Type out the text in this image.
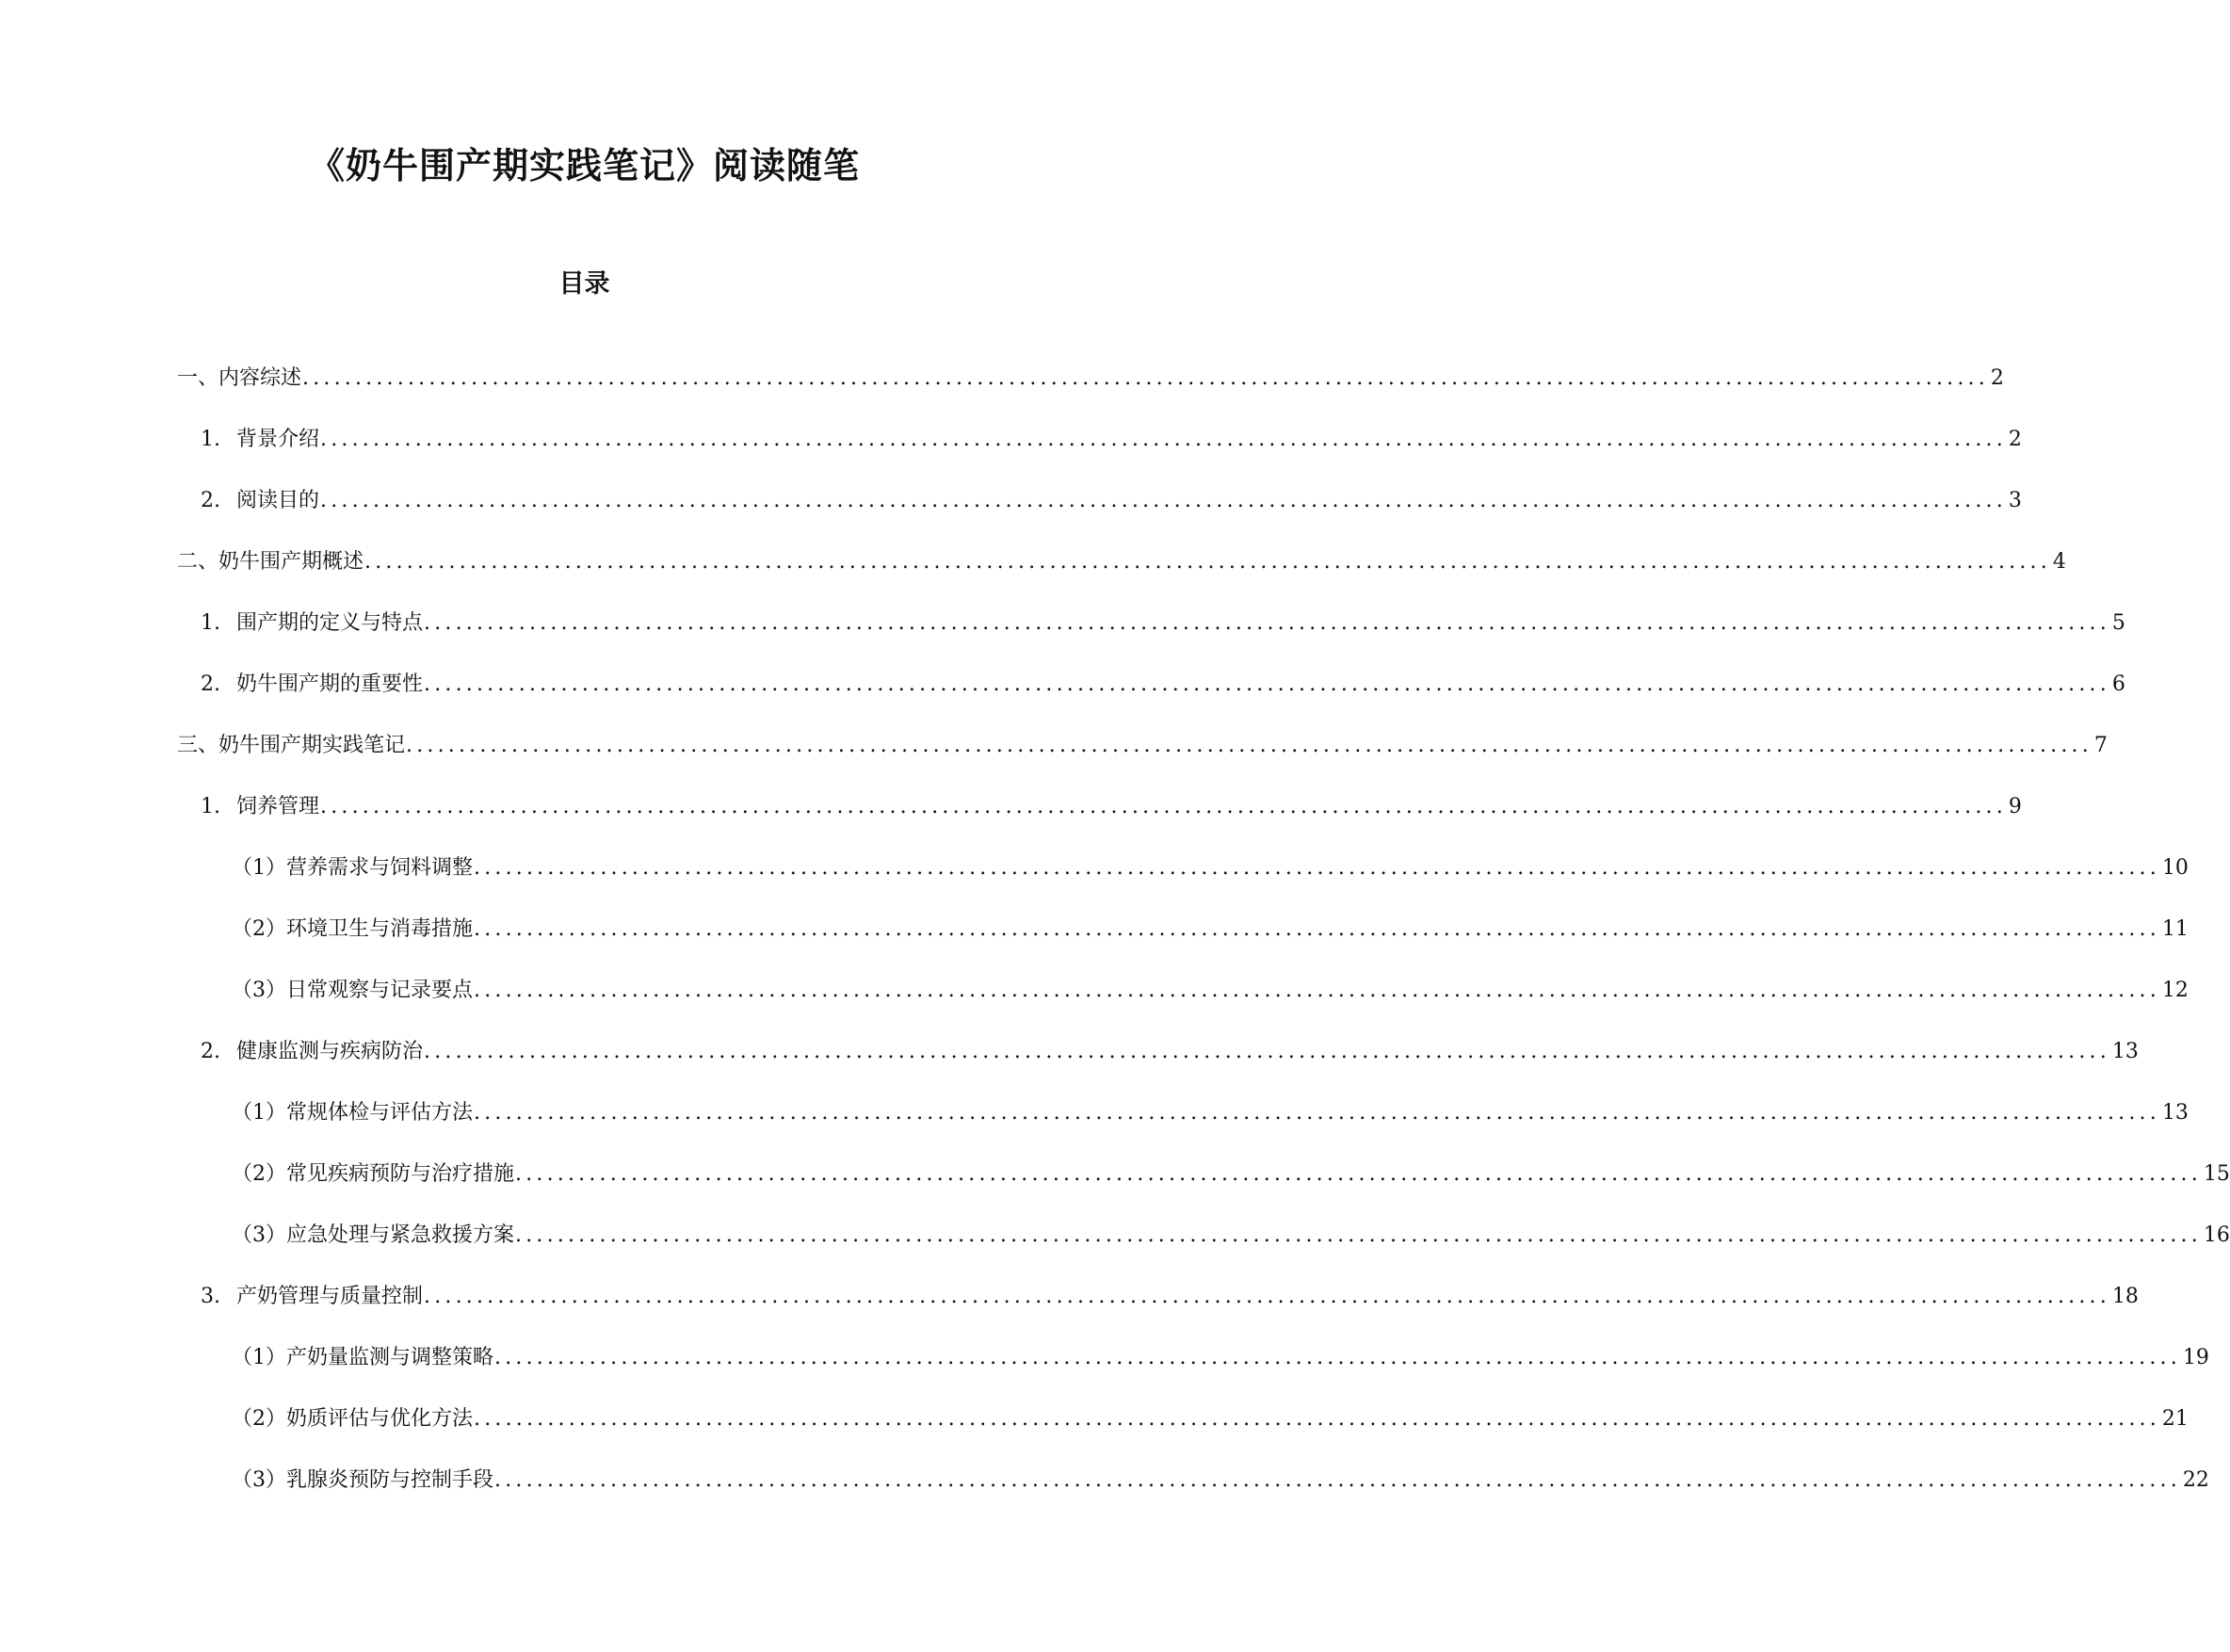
《奶牛围产期实践笔记》阅读随笔
目录
一、内容综述 ................................................................................................................................................................ 2
1. 背景介绍 ................................................................................................................................................................ 2
2. 阅读目的 ................................................................................................................................................................ 3
二、奶牛围产期概述 ................................................................................................................................................................ 4
1. 围产期的定义与特点 ................................................................................................................................................................ 5
2. 奶牛围产期的重要性 ................................................................................................................................................................ 6
三、奶牛围产期实践笔记 ................................................................................................................................................................ 7
1. 饲养管理 ................................................................................................................................................................ 9
（1）营养需求与饲料调整 ................................................................................................................................................................ 10
（2）环境卫生与消毒措施 ................................................................................................................................................................ 11
（3）日常观察与记录要点 ................................................................................................................................................................ 12
2. 健康监测与疾病防治 ................................................................................................................................................................ 13
（1）常规体检与评估方法 ................................................................................................................................................................ 13
（2）常见疾病预防与治疗措施 ................................................................................................................................................................ 15
（3）应急处理与紧急救援方案 ................................................................................................................................................................ 16
3. 产奶管理与质量控制 ................................................................................................................................................................ 18
（1）产奶量监测与调整策略 ................................................................................................................................................................ 19
（2）奶质评估与优化方法 ................................................................................................................................................................ 21
（3）乳腺炎预防与控制手段 ................................................................................................................................................................ 22
